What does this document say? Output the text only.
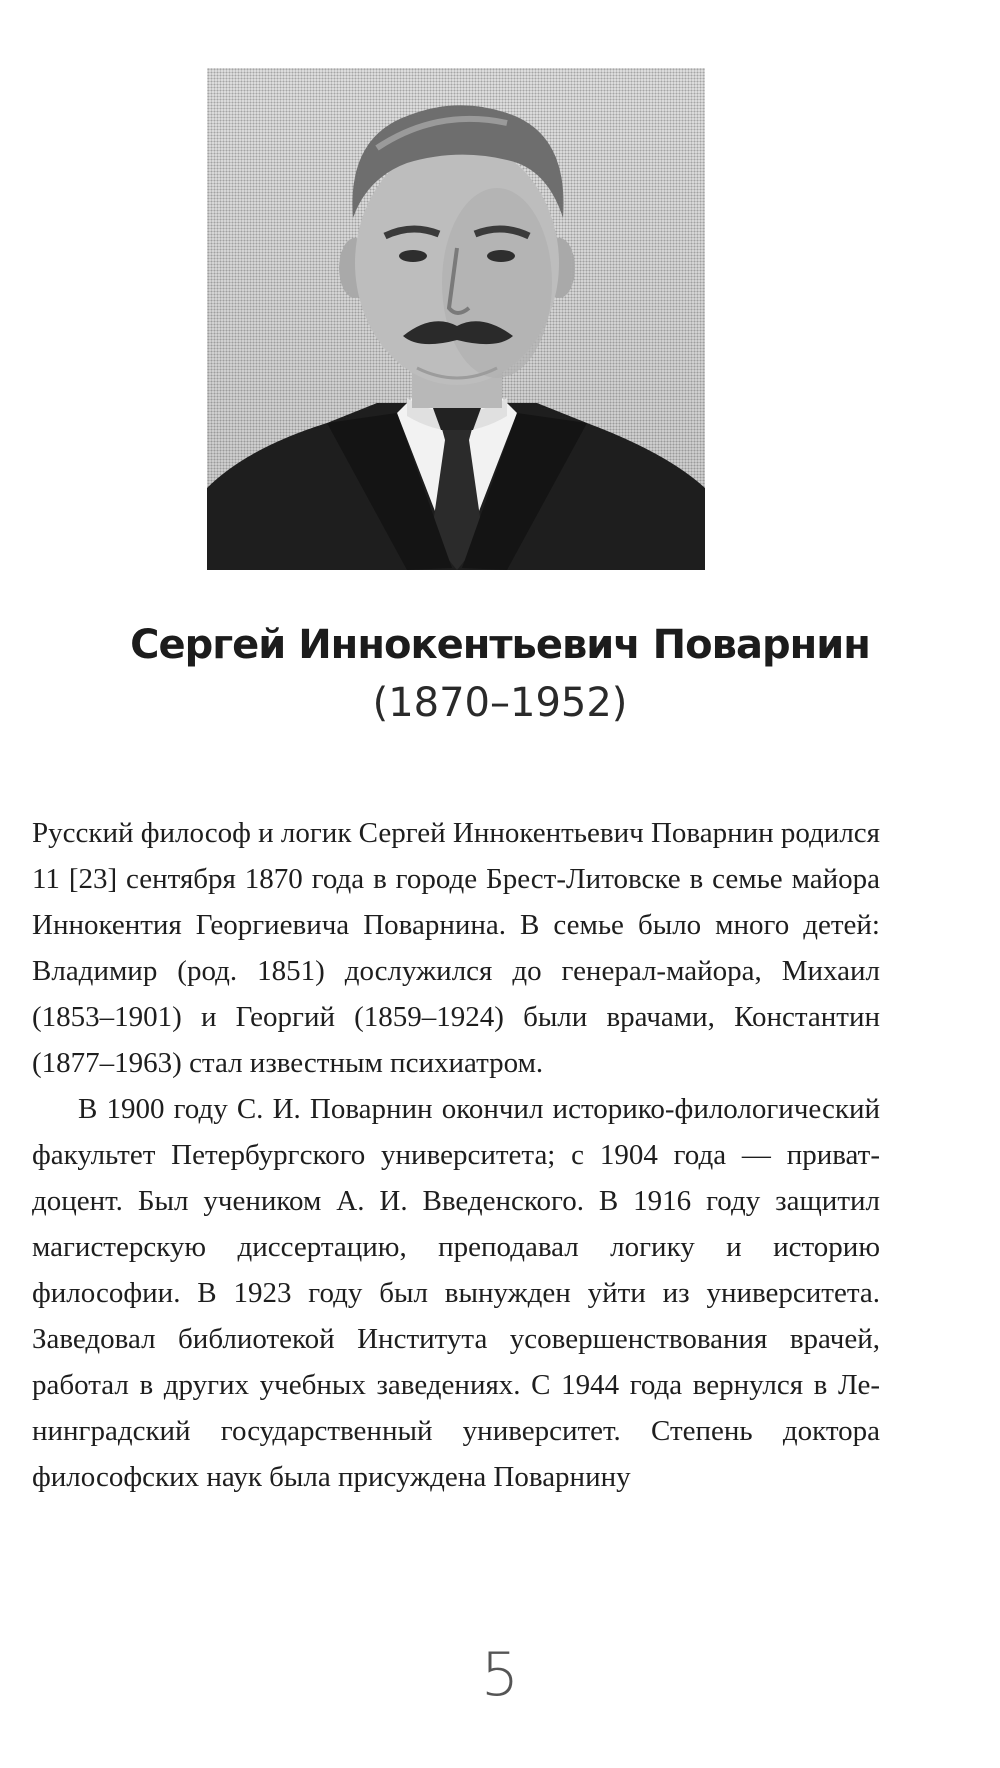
Сергей Иннокентьевич Поварнин
(1870–1952)

Русский философ и логик Сергей Иннокентьевич Поварнин родился 11 [23] сентября 1870 года в городе Брест-Литовске в семье майора Иннокентия Георгиевича Поварнина. В семье было много детей: Владимир (род. 1851) дослужился до генерал-майора, Михаил (1853–1901) и Георгий (1859–1924) были врачами, Константин (1877–1963) стал известным психиатром.

В 1900 году С. И. Поварнин окончил историко-филологический факультет Петербургского университета; с 1904 года — приват-доцент. Был учеником А. И. Введенского. В 1916 году защитил магистерскую диссертацию, преподавал логику и историю философии. В 1923 году был вынужден уйти из университета. Заведовал библиотекой Института усовершенствования врачей, работал в других учебных заведениях. С 1944 года вернулся в Ленинградский государственный университет. Степень доктора философских наук была присуждена Поварнину

5
